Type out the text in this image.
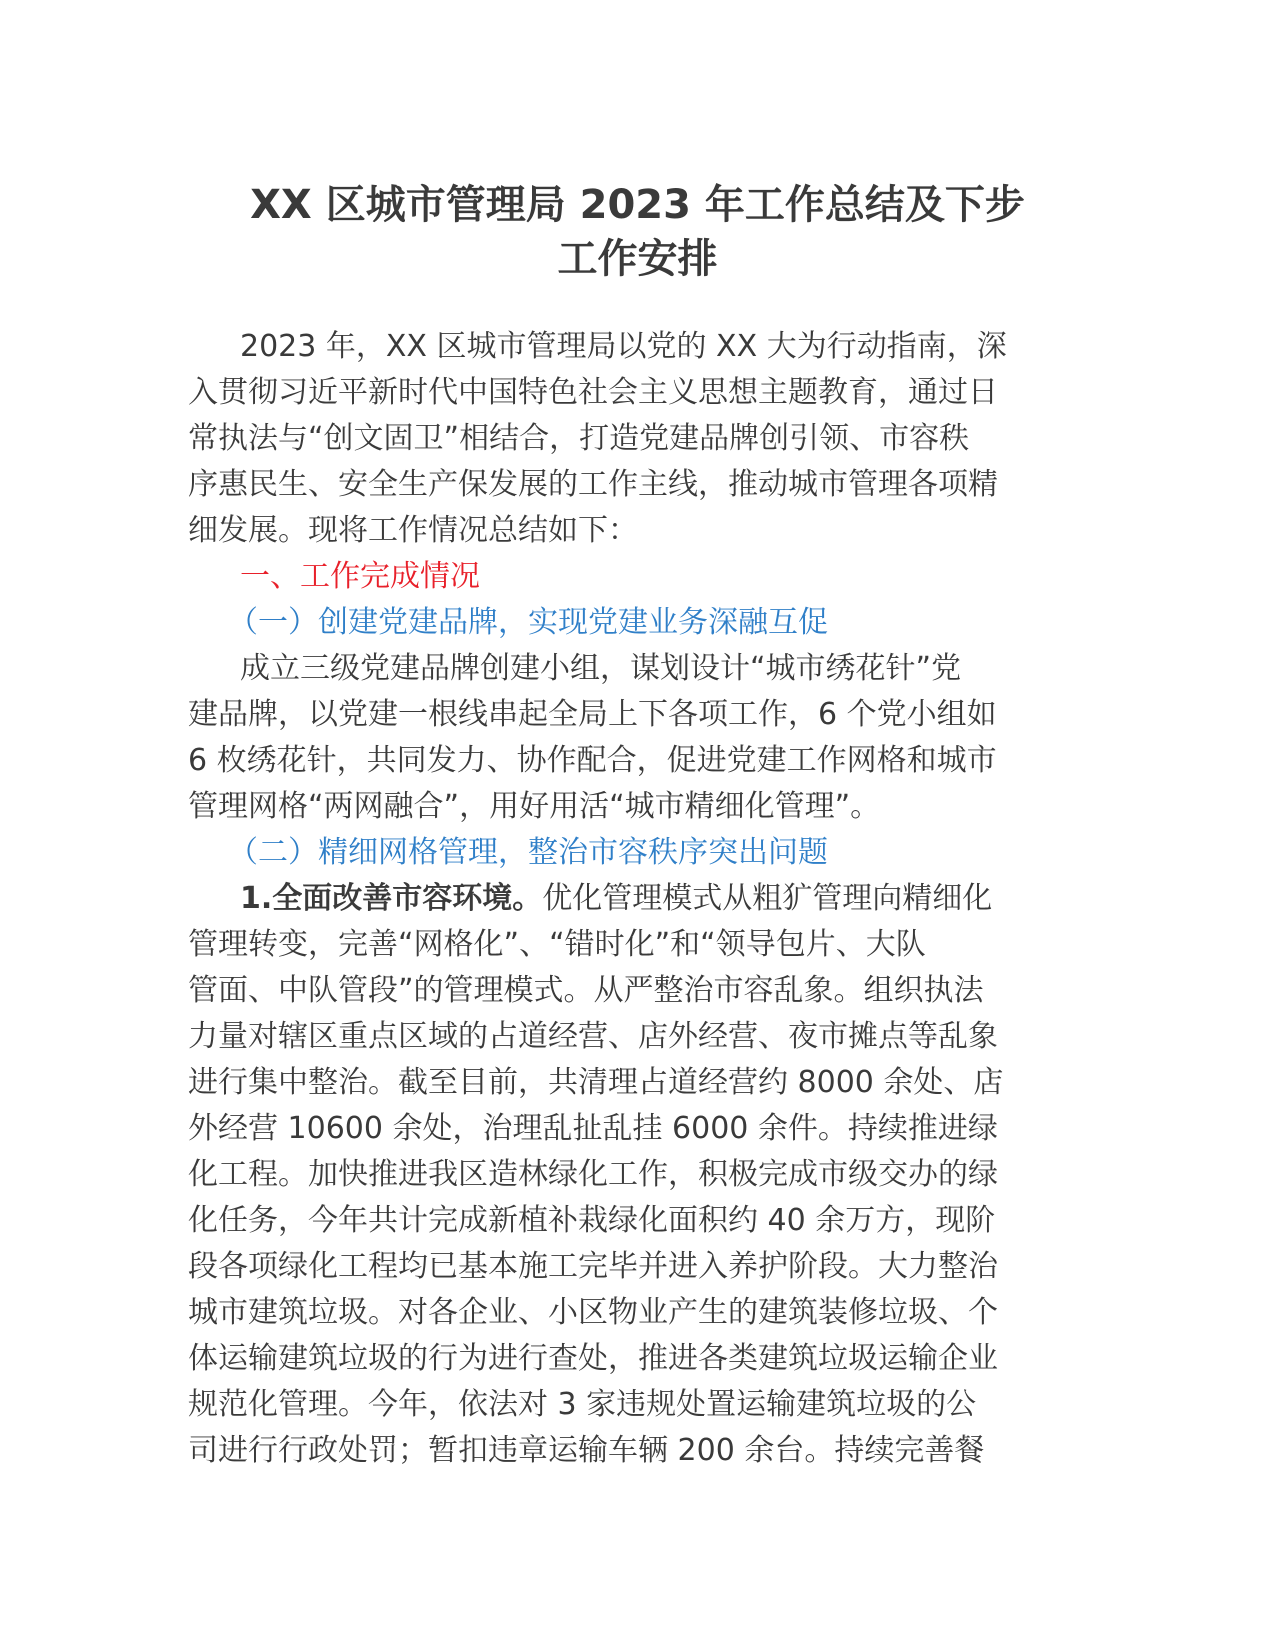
XX 区城市管理局 2023 年工作总结及下步
工作安排
2023 年，XX 区城市管理局以党的 XX 大为行动指南，深
入贯彻习近平新时代中国特色社会主义思想主题教育，通过日
常执法与“创文固卫”相结合，打造党建品牌创引领、市容秩
序惠民生、安全生产保发展的工作主线，推动城市管理各项精
细发展。现将工作情况总结如下：
一、工作完成情况
（一）创建党建品牌，实现党建业务深融互促
成立三级党建品牌创建小组，谋划设计“城市绣花针”党
建品牌，以党建一根线串起全局上下各项工作，6 个党小组如
6 枚绣花针，共同发力、协作配合，促进党建工作网格和城市
管理网格“两网融合”，用好用活“城市精细化管理”。
（二）精细网格管理，整治市容秩序突出问题
1.全面改善市容环境。优化管理模式从粗犷管理向精细化
管理转变，完善“网格化”、“错时化”和“领导包片、大队
管面、中队管段”的管理模式。从严整治市容乱象。组织执法
力量对辖区重点区域的占道经营、店外经营、夜市摊点等乱象
进行集中整治。截至目前，共清理占道经营约 8000 余处、店
外经营 10600 余处，治理乱扯乱挂 6000 余件。持续推进绿
化工程。加快推进我区造林绿化工作，积极完成市级交办的绿
化任务，今年共计完成新植补栽绿化面积约 40 余万方，现阶
段各项绿化工程均已基本施工完毕并进入养护阶段。大力整治
城市建筑垃圾。对各企业、小区物业产生的建筑装修垃圾、个
体运输建筑垃圾的行为进行查处，推进各类建筑垃圾运输企业
规范化管理。今年，依法对 3 家违规处置运输建筑垃圾的公
司进行行政处罚；暂扣违章运输车辆 200 余台。持续完善餐
